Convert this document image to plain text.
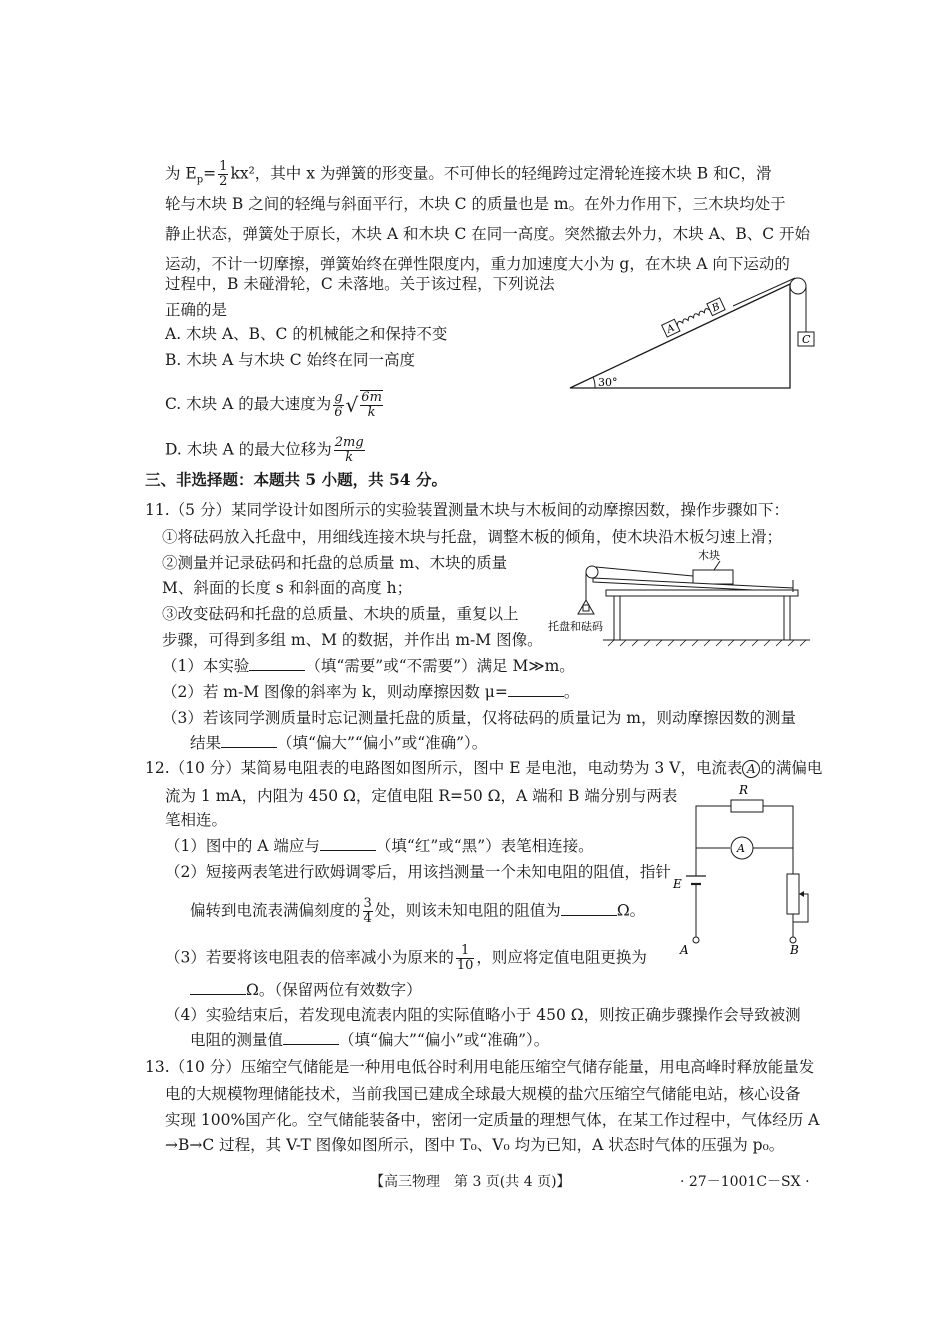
为 $E_p= \frac{1}{2} kx^2$，其中 x 为弹簧的形变量。不可伸长的轻绳跨过定滑轮连接木块 B 和C，滑
轮与木块 B 之间的轻绳与斜面平行，木块 C 的质量也是 m。在外力作用下，三木块均处于
静止状态，弹簧处于原长，木块 A 和木块 C 在同一高度。突然撤去外力，木块 A、B、C 开始
运动，不计一切摩擦，弹簧始终在弹性限度内，重力加速度大小为 g，在木块 A 向下运动的
过程中，B 未碰滑轮，C 未落地。关于该过程，下列说法
正确的是
A. 木块 A、B、C 的机械能之和保持不变
B. 木块 A 与木块 C 始终在同一高度
C. 木块 A 的最大速度为 $\frac{g}{6}$ √ $\frac{6m}{k}$
D. 木块 A 的最大位移为 $\frac{2mg}{k}$
30°
C
A
B
三、非选择题：本题共 5 小题，共 54 分。
11.（5 分）某同学设计如图所示的实验装置测量木块与木板间的动摩擦因数，操作步骤如下：
①将砝码放入托盘中，用细线连接木块与托盘，调整木板的倾角，使木块沿木板匀速上滑；
②测量并记录砝码和托盘的总质量 m、木块的质量
M、斜面的长度 s 和斜面的高度 h；
③改变砝码和托盘的总质量、木块的质量，重复以上
步骤，可得到多组 m、M 的数据，并作出 m-M 图像。
（1）本实验	（填“需要”或“不需要”）满足 M≫m。
（2）若 m-M 图像的斜率为 k，则动摩擦因数 μ=	。
（3）若该同学测质量时忘记测量托盘的质量，仅将砝码的质量记为 m，则动摩擦因数的测量
结果	（填“偏大”“偏小”或“准确”）。
木块
托盘和砝码
12.（10 分）某简易电阻表的电路图如图所示，图中 E 是电池，电动势为 3 V，电流表 A 的满偏电
流为 1 mA，内阻为 450 Ω，定值电阻 R=50 Ω，A 端和 B 端分别与两表
笔相连。
（1）图中的 A 端应与	（填“红”或“黑”）表笔相连接。
（2）短接两表笔进行欧姆调零后，用该挡测量一个未知电阻的阻值，指针
偏转到电流表满偏刻度的 $\frac{3}{4}$ 处，则该未知电阻的阻值为	Ω。
（3）若要将该电阻表的倍率减小为原来的 $\frac{1}{10}$ ，则应将定值电阻更换为
Ω。（保留两位有效数字）
（4）实验结束后，若发现电流表内阻的实际值略小于 450 Ω，则按正确步骤操作会导致被测
电阻的测量值	（填“偏大”“偏小”或“准确”）。
R
A
E
A	B
13.（10 分）压缩空气储能是一种用电低谷时利用电能压缩空气储存能量，用电高峰时释放能量发
电的大规模物理储能技术，当前我国已建成全球最大规模的盐穴压缩空气储能电站，核心设备
实现 100%国产化。空气储能装备中，密闭一定质量的理想气体，在某工作过程中，气体经历 A
→B→C 过程，其 V-T 图像如图所示，图中 T₀、V₀ 均为已知，A 状态时气体的压强为 p₀。
【高三物理　第 3 页(共 4 页)】	· 27－1001C－SX ·
